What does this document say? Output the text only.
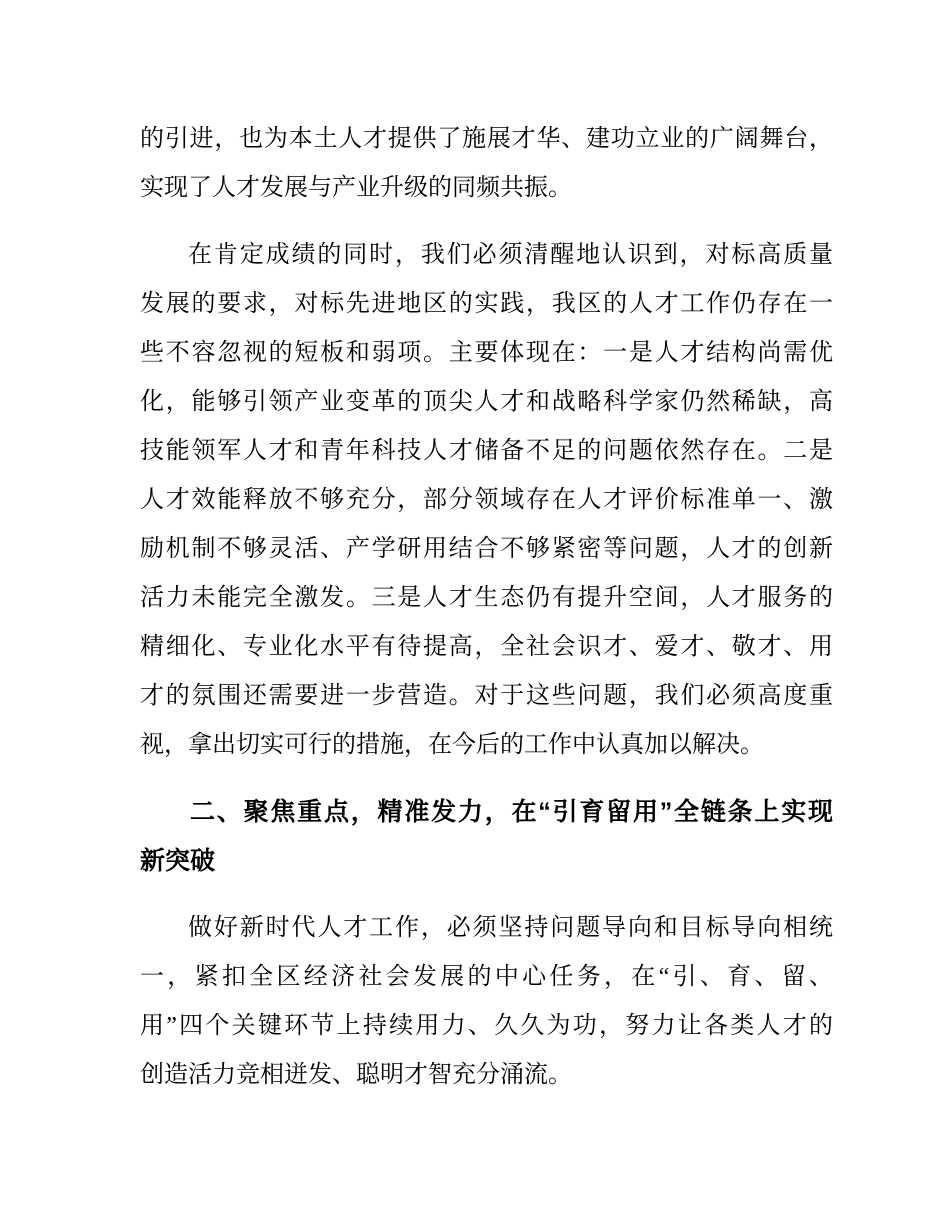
的引进，也为本土人才提供了施展才华、建功立业的广阔舞台，
实现了人才发展与产业升级的同频共振。
在肯定成绩的同时，我们必须清醒地认识到，对标高质量
发展的要求，对标先进地区的实践，我区的人才工作仍存在一
些不容忽视的短板和弱项。主要体现在：一是人才结构尚需优
化，能够引领产业变革的顶尖人才和战略科学家仍然稀缺，高
技能领军人才和青年科技人才储备不足的问题依然存在。二是
人才效能释放不够充分，部分领域存在人才评价标准单一、激
励机制不够灵活、产学研用结合不够紧密等问题，人才的创新
活力未能完全激发。三是人才生态仍有提升空间，人才服务的
精细化、专业化水平有待提高，全社会识才、爱才、敬才、用
才的氛围还需要进一步营造。对于这些问题，我们必须高度重
视，拿出切实可行的措施，在今后的工作中认真加以解决。
二、聚焦重点，精准发力，在“引育留用”全链条上实现
新突破
做好新时代人才工作，必须坚持问题导向和目标导向相统
一，紧扣全区经济社会发展的中心任务，在“引、育、留、
用”四个关键环节上持续用力、久久为功，努力让各类人才的
创造活力竞相迸发、聪明才智充分涌流。
